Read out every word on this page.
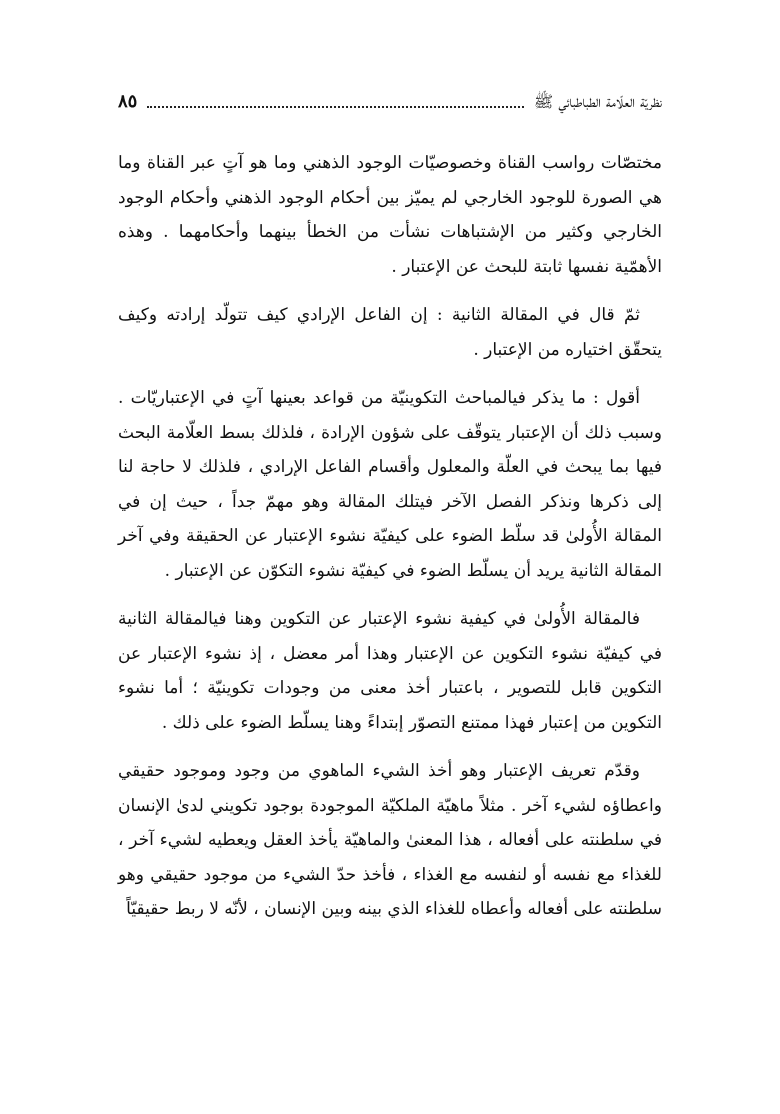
نظريّة العلّامة الطباطبائي ﷺ
٨٥

مختصّات رواسب القناة وخصوصيّات الوجود الذهني وما هو آتٍ عبر القناة وما هي الصورة للوجود الخارجي لم يميّز بين أحكام الوجود الذهني وأحكام الوجود الخارجي وكثير من الإشتباهات نشأت من الخطأ بينهما وأحكامهما . وهذه الأهمّية نفسها ثابتة للبحث عن الإعتبار .

ثمّ قال في المقالة الثانية : إن الفاعل الإرادي كيف تتولّد إرادته وكيف يتحقّق اختياره من الإعتبار .

أقول : ما يذكر فيالمباحث التكوينيّة من قواعد بعينها آتٍ في الإعتباريّات . وسبب ذلك أن الإعتبار يتوقّف على شؤون الإرادة ، فلذلك بسط العلّامة البحث فيها بما يبحث في العلّة والمعلول وأقسام الفاعل الإرادي ، فلذلك لا حاجة لنا إلى ذكرها ونذكر الفصل الآخر فيتلك المقالة وهو مهمّ جداً ، حيث إن في المقالة الأُولىٰ قد سلّط الضوء على كيفيّة نشوء الإعتبار عن الحقيقة وفي آخر المقالة الثانية يريد أن يسلّط الضوء في كيفيّة نشوء التكوّن عن الإعتبار .

فالمقالة الأُولىٰ في كيفية نشوء الإعتبار عن التكوين وهنا فيالمقالة الثانية في كيفيّة نشوء التكوين عن الإعتبار وهذا أمر معضل ، إذ نشوء الإعتبار عن التكوين قابل للتصوير ، باعتبار أخذ معنى من وجودات تكوينيّة ؛ أما نشوء التكوين من إعتبار فهذا ممتنع التصوّر إبتداءً وهنا يسلّط الضوء على ذلك .

وقدّم تعريف الإعتبار وهو أخذ الشيء الماهوي من وجود وموجود حقيقي واعطاؤه لشيء آخر . مثلاً ماهيّة الملكيّة الموجودة بوجود تكويني لدىٰ الإنسان في سلطنته على أفعاله ، هذا المعنىٰ والماهيّة يأخذ العقل ويعطيه لشيء آخر ، للغذاء مع نفسه أو لنفسه مع الغذاء ، فأخذ حدّ الشيء من موجود حقيقي وهو سلطنته على أفعاله وأعطاه للغذاء الذي بينه وبين الإنسان ، لأنّه لا ربط حقيقيّاً
